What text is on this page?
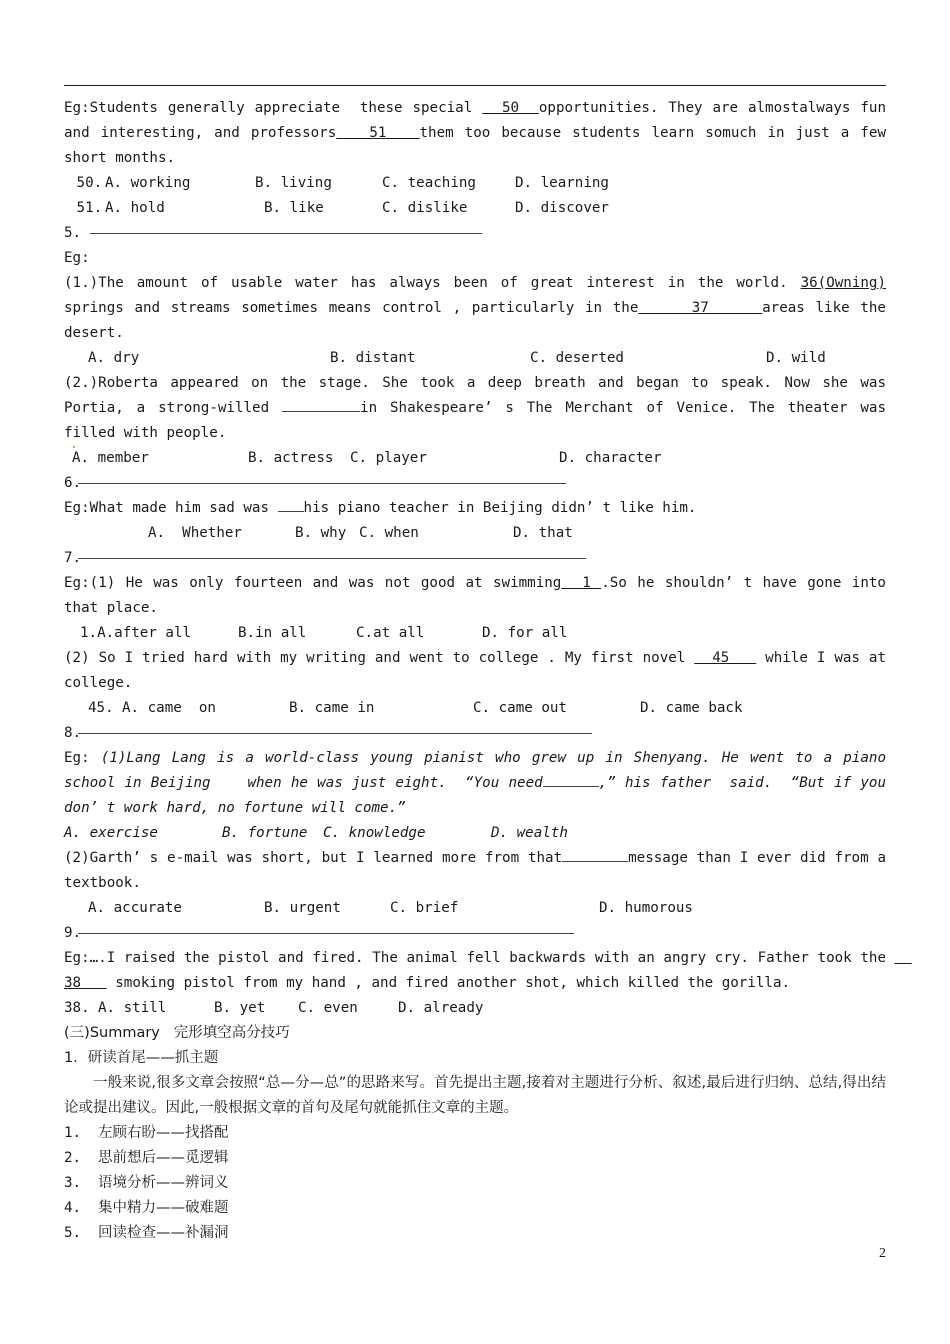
Eg:Students generally appreciate  these special   50  opportunities. They are almostalways fun and interesting, and professors   51   them too because students learn somuch in just a few short months.

50.

A. working

	B. living

	C. teaching

	D. learning

51.

A. hold

	B. like

	C. dislike

	D. discover

5.

Eg:

(1.)The amount of usable water has always been of great interest in the world. 36(Owning) springs and streams sometimes means control , particularly in the     37     areas like the desert.

A. dry

	B. distant

	C. deserted

	D. wild

(2.)Roberta appeared on the stage. She took a deep breath and began to speak. Now she was Portia, a strong-willed	in Shakespeare’ s The Merchant of Venice. The theater was filled with people.

A. member

	B. actress

C. player

	D. character

6.

Eg:What made him sad was his piano teacher in Beijing didn’ t like him.

A.  Whether

	B. why

C. when

	D. that

7.

Eg:(1) He was only fourteen and was not good at swimming  1 .So he shouldn’ t have gone into that place.

1.A.after all

	B.in all

	C.at all

	D. for all

(2) So I tried hard with my writing and went to college . My first novel   45    while I was at college.

45.

A. came  on

	B. came in

	C. came out

	D. came back

8.

Eg: (1)Lang Lang is a world-class young pianist who grew up in Shenyang. He went to a piano school in Beijing    when he was just eight.  “You need	,” his father  said.  “But if you don’ t work hard, no fortune will come.”

A. exercise

	B. fortune

C. knowledge

	D. wealth

(2)Garth’ s e-mail was short, but I learned more from that	message than I ever did from a textbook.

A. accurate

	B. urgent

	C. brief

	D. humorous

9.

Eg:….I raised the pistol and fired. The animal fell backwards with an angry cry. Father took the   38    smoking pistol from my hand , and fired another shot, which killed the gorilla.

38.

A. still

	B. yet

C. even

	D. already

(三)Summary   完形填空高分技巧
1．研读首尾——抓主题

一般来说,很多文章会按照“总—分—总”的思路来写。首先提出主题,接着对主题进行分析、叙述,最后进行归纳、总结,得出结论或提出建议。因此,一般根据文章的首句及尾句就能抓住文章的主题。

1. 左顾右盼——找搭配
2. 思前想后——觅逻辑
3. 语境分析——辨词义
4. 集中精力——破难题
5. 回读检查——补漏洞
2
